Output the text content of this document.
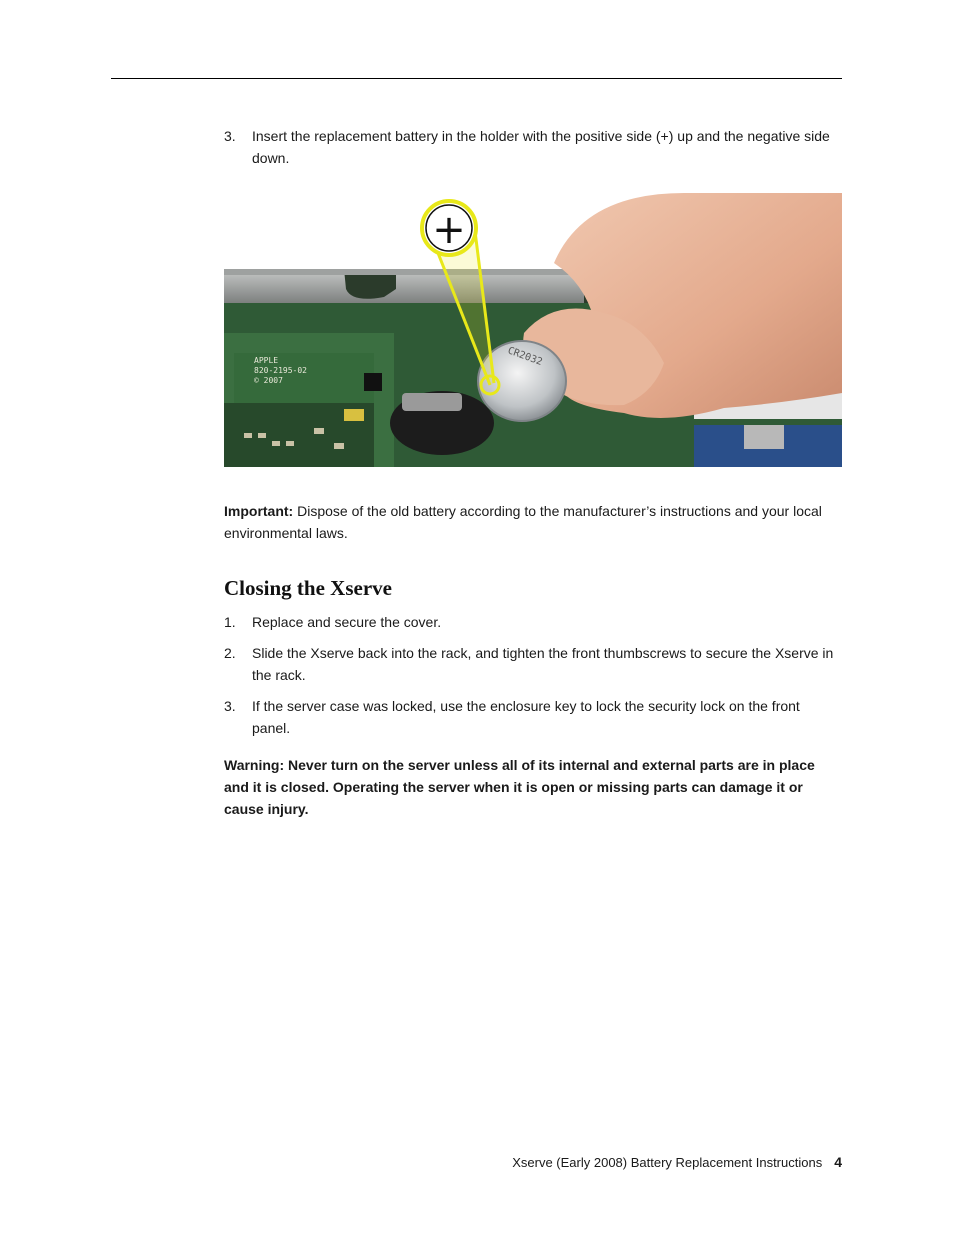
3. Insert the replacement battery in the holder with the positive side (+) up and the negative side down.
APPLE
820-2195-02
© 2007
CR2032
+
Important: Dispose of the old battery according to the manufacturer’s instructions and your local environmental laws.
Closing the Xserve
1. Replace and secure the cover.
2. Slide the Xserve back into the rack, and tighten the front thumbscrews to secure the Xserve in the rack.
3. If the server case was locked, use the enclosure key to lock the security lock on the front panel.
Warning: Never turn on the server unless all of its internal and external parts are in place and it is closed. Operating the server when it is open or missing parts can damage it or cause injury.
Xserve (Early 2008) Battery Replacement Instructions 4
